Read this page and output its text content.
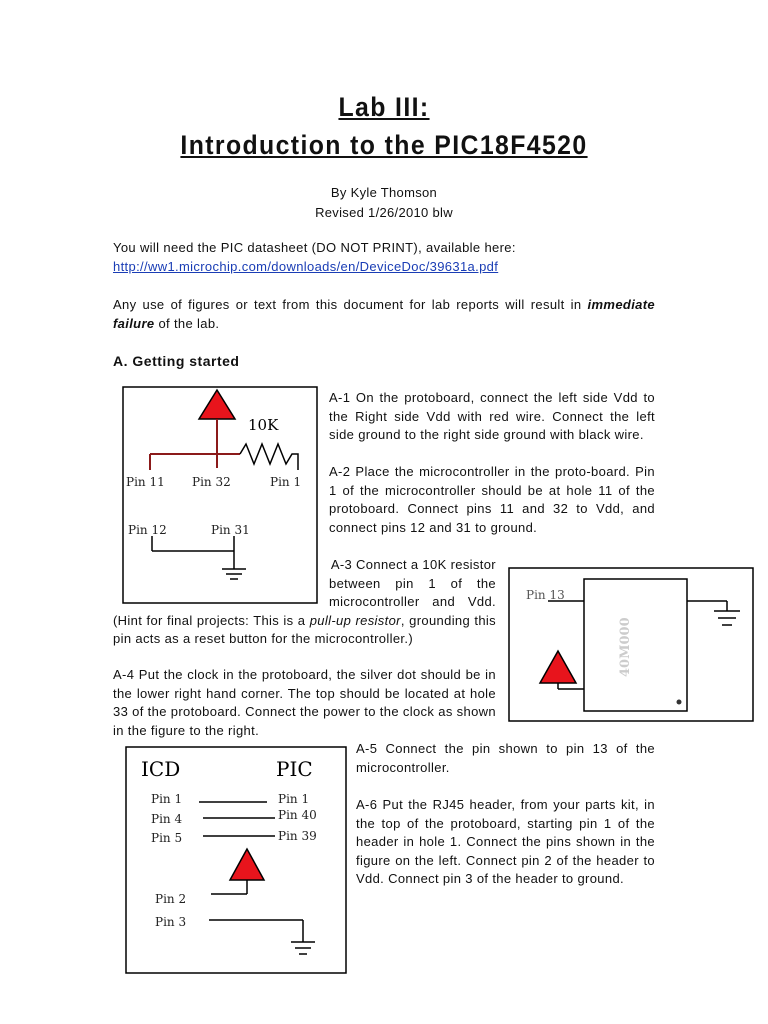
Lab III:
Introduction to the PIC18F4520
By Kyle Thomson
Revised 1/26/2010 blw
You will need the PIC datasheet (DO NOT PRINT), available here:
http://ww1.microchip.com/downloads/en/DeviceDoc/39631a.pdf
Any use of figures or text from this document for lab reports will result in immediate failure of the lab.
A. Getting started
10K
Pin 11 Pin 32	Pin 1
Pin 12	Pin 31
A-1 On the protoboard, connect the left side Vdd to the Right side Vdd with red wire. Connect the left side ground to the right side ground with black wire.
A-2 Place the microcontroller in the proto-board. Pin 1 of the microcontroller should be at hole 11 of the protoboard. Connect pins 11 and 32 to Vdd, and connect pins 12 and 31 to ground.
A-3 Connect a 10K resistor
between pin 1 of the
microcontroller and Vdd.
(Hint for final projects: This is a pull-up resistor, grounding this pin acts as a reset button for the microcontroller.)
Pin 13
40M000
A-4 Put the clock in the protoboard, the silver dot should be in the lower right hand corner. The top should be located at hole 33 of the protoboard. Connect the power to the clock as shown in the figure to the right.
ICD	PIC
Pin 1
Pin 4
Pin 5
Pin 2
Pin 3
Pin 1
Pin 40
Pin 39
A-5 Connect the pin shown to pin 13 of the microcontroller.
A-6 Put the RJ45 header, from your parts kit, in the top of the protoboard, starting pin 1 of the header in hole 1. Connect the pins shown in the figure on the left. Connect pin 2 of the header to Vdd. Connect pin 3 of the header to ground.
